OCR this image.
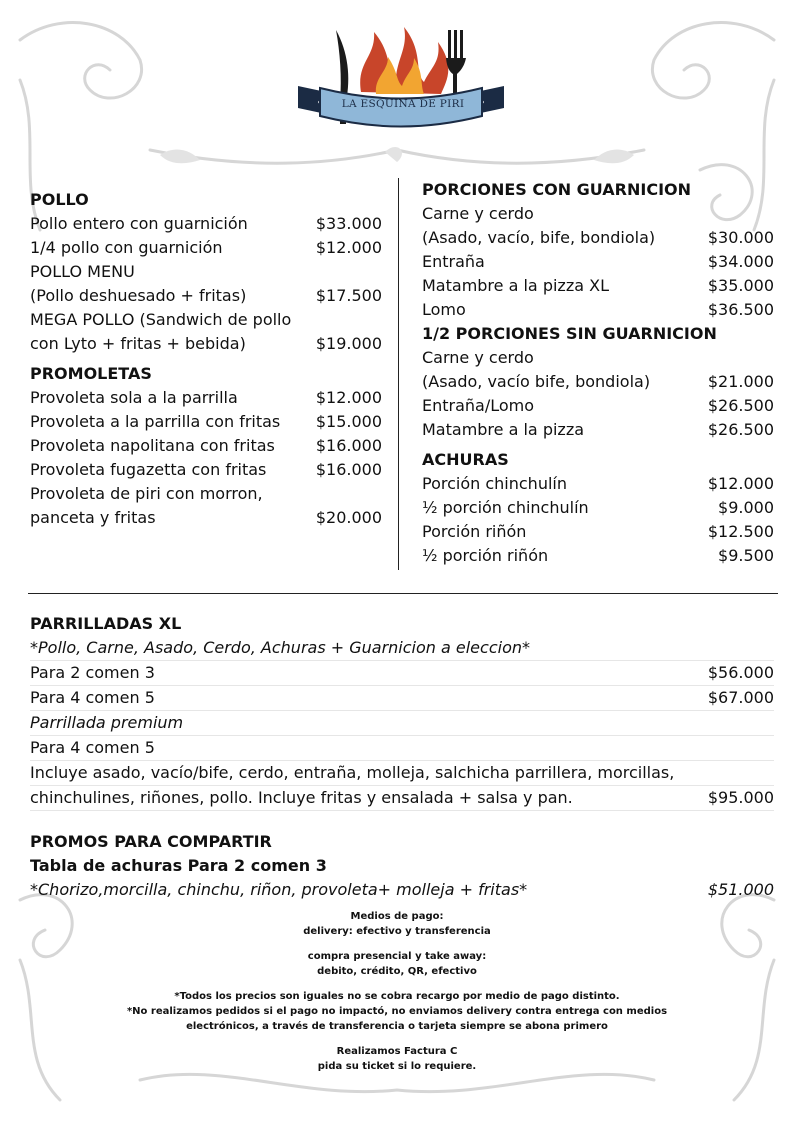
LA ESQUINA DE PIRI
POLLO
Pollo entero con guarnición	$33.000
1/4 pollo con guarnición	$12.000
POLLO MENU
(Pollo deshuesado + fritas)	$17.500
MEGA POLLO (Sandwich de pollo
con Lyto + fritas + bebida)	$19.000
PROMOLETAS
Provoleta sola a la parrilla	$12.000
Provoleta a la parrilla con fritas $15.000
Provoleta napolitana con fritas	$16.000
Provoleta fugazetta con fritas	$16.000
Provoleta de piri con morron,
panceta y fritas	$20.000
PORCIONES CON GUARNICION
Carne y cerdo
(Asado, vacío, bife, bondiola)	$30.000
Entraña	$34.000
Matambre a la pizza XL	$35.000
Lomo	$36.500
1/2 PORCIONES SIN GUARNICION
Carne y cerdo
(Asado, vacío bife, bondiola)	$21.000
Entraña/Lomo	$26.500
Matambre a la pizza	$26.500
ACHURAS
Porción chinchulín	$12.000
½ porción chinchulín	$9.000
Porción riñón	$12.500
½ porción riñón	$9.500
PARRILLADAS XL
*Pollo, Carne, Asado, Cerdo, Achuras + Guarnicion a eleccion*
Para 2 comen 3	$56.000
Para 4 comen 5	$67.000
Parrillada premium
Para 4 comen 5
Incluye asado, vacío/bife, cerdo, entraña, molleja, salchicha parrillera, morcillas,
chinchulines, riñones, pollo. Incluye fritas y ensalada + salsa y pan.	$95.000
PROMOS PARA COMPARTIR
Tabla de achuras Para 2 comen 3
*Chorizo,morcilla, chinchu, riñon, provoleta+ molleja + fritas*	$51.000
Medios de pago:
delivery: efectivo y transferencia
compra presencial y take away:
debito, crédito, QR, efectivo
*Todos los precios son iguales no se cobra recargo por medio de pago distinto.
*No realizamos pedidos si el pago no impactó, no enviamos delivery contra entrega con medios
electrónicos, a través de transferencia o tarjeta siempre se abona primero
Realizamos Factura C
pida su ticket si lo requiere.
